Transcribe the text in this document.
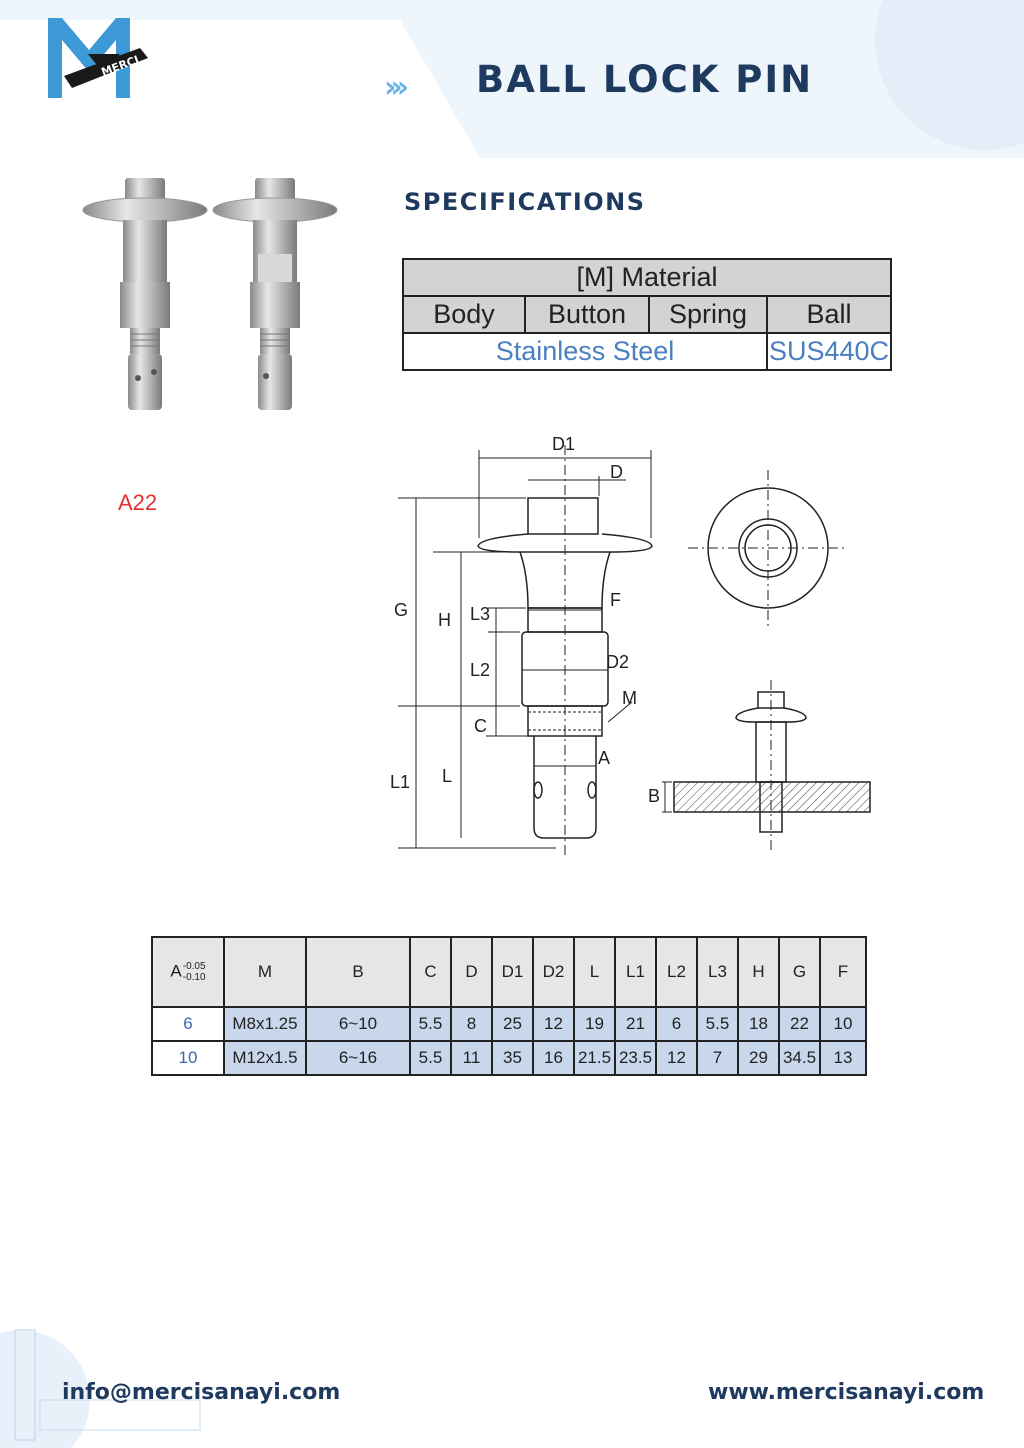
MERCI
››› BALL LOCK PIN
A22
SPECIFICATIONS
[M] Material			
Body	Button	Spring	Ball
Stainless Steel			SUS440C
D1
D
G H L3
F
L2	D2
M
C
A
L1 L
B
A-0.05
-0.10	M	B	C	D	D1	D2	L	L1	L2	L3	H	G	F
6	M8x1.25	6~10	5.5	8	25	12	19	21	6	5.5	18	22	10
10	M12x1.5	6~16	5.5	11	35	16	21.5	23.5	12	7	29	34.5	13
info@mercisanayi.com	www.mercisanayi.com
